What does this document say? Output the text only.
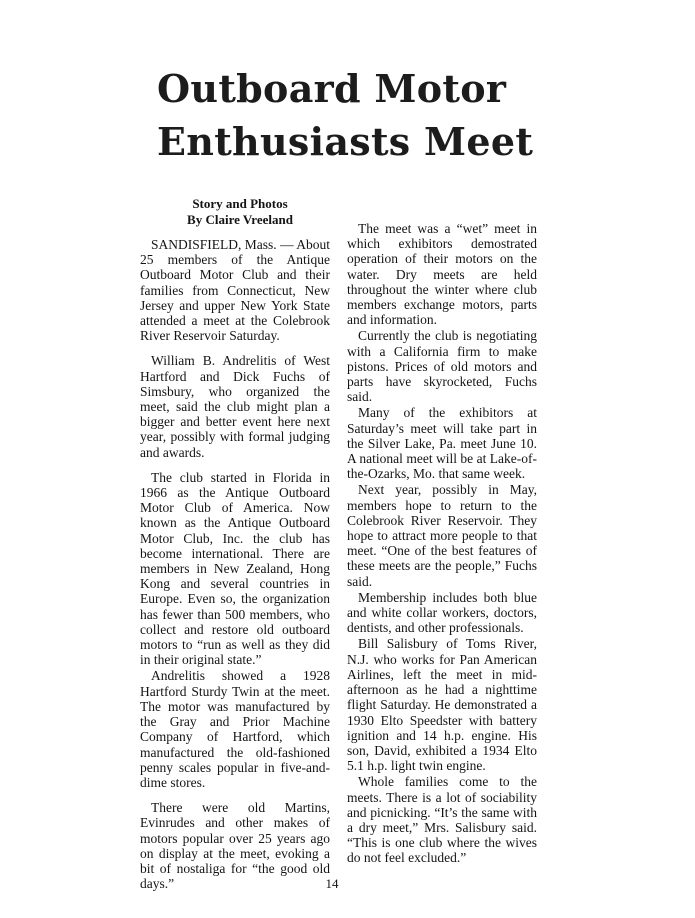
Outboard Motor
Enthusiasts Meet
Story and Photos
By Claire Vreeland

SANDISFIELD, Mass. — About 25 members of the Antique Outboard Motor Club and their families from Connecticut, New Jersey and upper New York State attended a meet at the Colebrook River Reservoir Saturday.

William B. Andrelitis of West Hartford and Dick Fuchs of Simsbury, who organized the meet, said the club might plan a bigger and better event here next year, possibly with formal judging and awards.

The club started in Florida in 1966 as the Antique Outboard Motor Club of America. Now known as the Antique Outboard Motor Club, Inc. the club has become international. There are members in New Zealand, Hong Kong and several countries in Europe. Even so, the organization has fewer than 500 members, who collect and restore old outboard motors to “run as well as they did in their original state.”

Andrelitis showed a 1928 Hartford Sturdy Twin at the meet. The motor was manufactured by the Gray and Prior Machine Company of Hartford, which manufactured the old-fashioned penny scales popular in five-and-dime stores.

There were old Martins, Evinrudes and other makes of motors popular over 25 years ago on display at the meet, evoking a bit of nostaliga for “the good old days.”

The meet was a “wet” meet in which exhibitors demostrated operation of their motors on the water. Dry meets are held throughout the winter where club members exchange motors, parts and information.

Currently the club is negotiating with a California firm to make pistons. Prices of old motors and parts have skyrocketed, Fuchs said.

Many of the exhibitors at Saturday’s meet will take part in the Silver Lake, Pa. meet June 10. A national meet will be at Lake-of-the-Ozarks, Mo. that same week.

Next year, possibly in May, members hope to return to the Colebrook River Reservoir. They hope to attract more people to that meet. “One of the best features of these meets are the people,” Fuchs said.

Membership includes both blue and white collar workers, doctors, dentists, and other professionals.

Bill Salisbury of Toms River, N.J. who works for Pan American Airlines, left the meet in mid-afternoon as he had a nighttime flight Saturday. He demonstrated a 1930 Elto Speedster with battery ignition and 14 h.p. engine. His son, David, exhibited a 1934 Elto 5.1 h.p. light twin engine.

Whole families come to the meets. There is a lot of sociability and picnicking. “It’s the same with a dry meet,” Mrs. Salisbury said. “This is one club where the wives do not feel excluded.”

14
